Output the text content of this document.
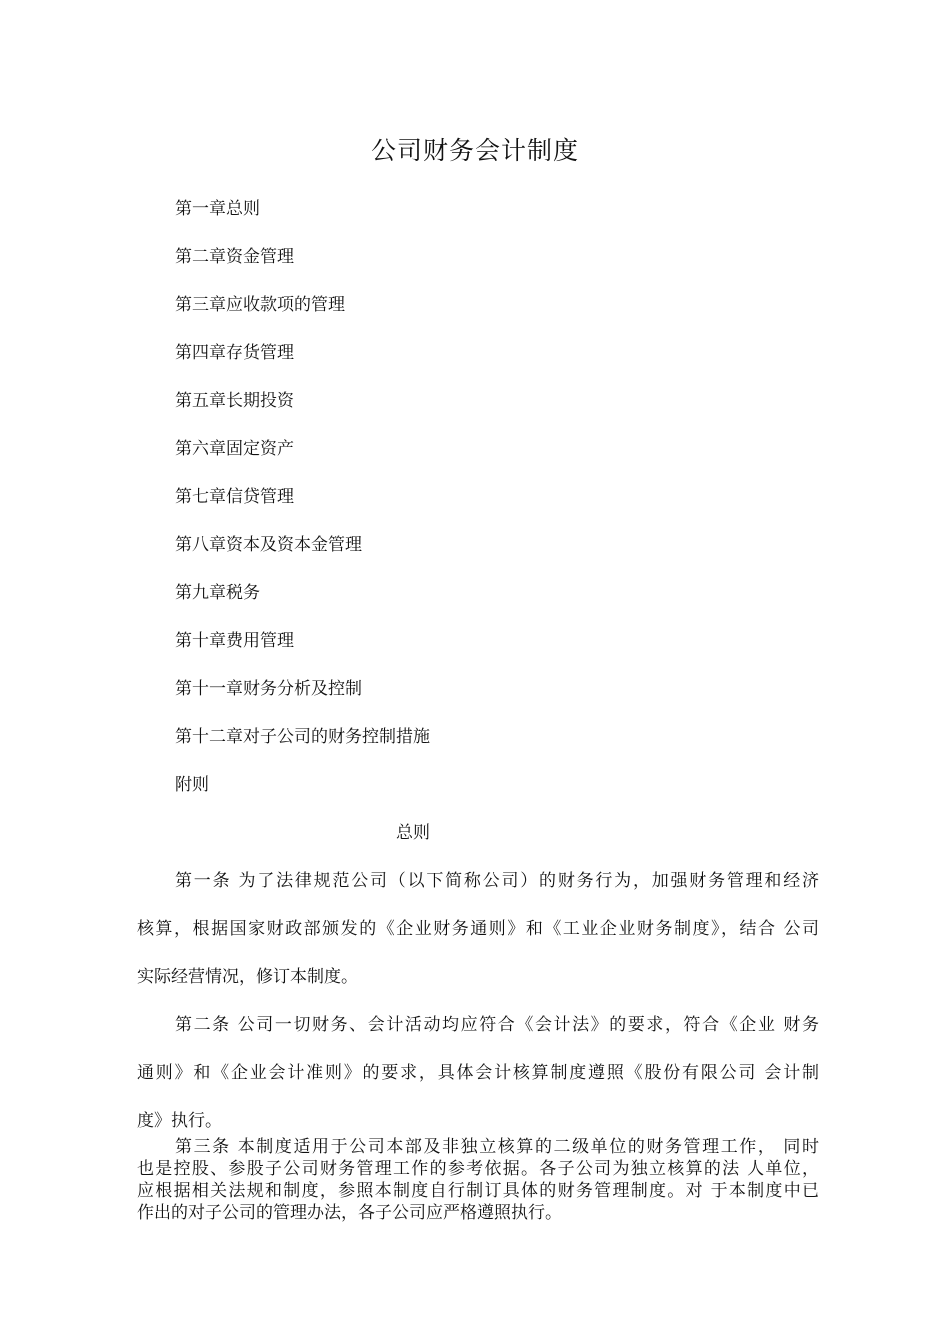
公司财务会计制度
第一章总则
第二章资金管理
第三章应收款项的管理
第四章存货管理
第五章长期投资
第六章固定资产
第七章信贷管理
第八章资本及资本金管理
第九章税务
第十章费用管理
第十一章财务分析及控制
第十二章对子公司的财务控制措施
附则
总则
第一条 为了法律规范公司（以下简称公司）的财务行为，加强财务管理和经济
核算，根据国家财政部颁发的《企业财务通则》和《工业企业财务制度》，结合 公司
实际经营情况，修订本制度。
第二条 公司一切财务、会计活动均应符合《会计法》的要求，符合《企业 财务
通则》和《企业会计准则》的要求，具体会计核算制度遵照《股份有限公司 会计制
度》执行。
第三条 本制度适用于公司本部及非独立核算的二级单位的财务管理工作， 同时
也是控股、参股子公司财务管理工作的参考依据。各子公司为独立核算的法 人单位，
应根据相关法规和制度，参照本制度自行制订具体的财务管理制度。对 于本制度中已
作出的对子公司的管理办法，各子公司应严格遵照执行。
